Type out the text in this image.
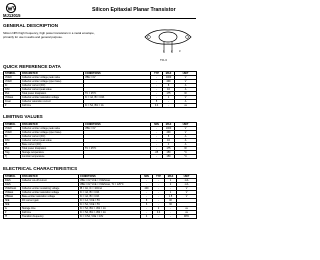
MJ13015
Silicon Epitaxial Planar Transistor
GENERAL DESCRIPTION
Silicon NPN high frequency, high power transistors in a metal envelope, primarily for use in audio and general purpose.
1	2	3
TO-3
QUICK REFERENCE DATA
SYMBOL	PARAMETER	CONDITIONS	TYP	MAX	UNIT
VCEO	Collector-emitter voltage peak value	VBE = 0V	-	1000	V
VCEO	Collector-emitter voltage (open base)		-	400	V
IC	Collector current (DC)		-	8	A
ICM	Collector current peak value		-	16	A
Ptot	Total power dissipation	TC = 25°C	-	175	W
VCEsat	Collector-emitter saturation voltage	IC = 4A, IB = 0.8A	-	1	V
ICsat	Collector saturation current		5	-	A
tf	Fall time	IC = 5A, IB1 = 1A	0.4	-	us
LIMITING VALUES
SYMBOL	PARAMETER	CONDITIONS	MIN	MAX	UNIT
VCEO	Collector-emitter voltage peak value	VBE = 0V	-	1000	V
VCEO	Collector-emitter voltage (open base)		-	400	V
IC	Collector current (DC)		-	8	A
ICM	Collector current peak value		-	16	A
IB	Base current (DC)		-	4	A
Ptot	Total power dissipation	TC = 25°C	-	175	W
Tstg	Storage temperature		-65	150	°C
Tj	Junction temperature		-	150	°C
ELECTRICAL CHARACTERISTICS
SYMBOL	PARAMETER	CONDITIONS	MIN	TYP	MAX	UNIT
ICES	Collector cut-off current	VBE = 0V, VCE = VCESmax	-	-	1	mA
ICES		VBE = 0V, VCE = VCESmax, TJ = 125°C	-	-	2	mA
VCEOsust	Collector-emitter sustaining voltage	IB = 0A, IC = 100mA	400	-	-	V
VCEsat	Collector-emitter saturation voltage	IC = 4A, IB = 0.8A	-	-	1	V
VBEsat	Base-emitter saturation voltage	IC = 4A, IB = 0.8A	-	-	1.5	V
hFE	DC current gain	IC = 1A, VCE = 5V	8	-	40	
hFE		IC = 5A, VCE = 5V	6	-	30	
ts	Storage time	IC = 5A, IB1 = -IB2 = 1A	-	2	-	us
tf	Fall time	IC = 5A, IB1 = -IB2 = 1A	-	0.4	-	us
fT	Transition frequency	IC = 0.5A, VCE = 10V	4	-	-	MHz
